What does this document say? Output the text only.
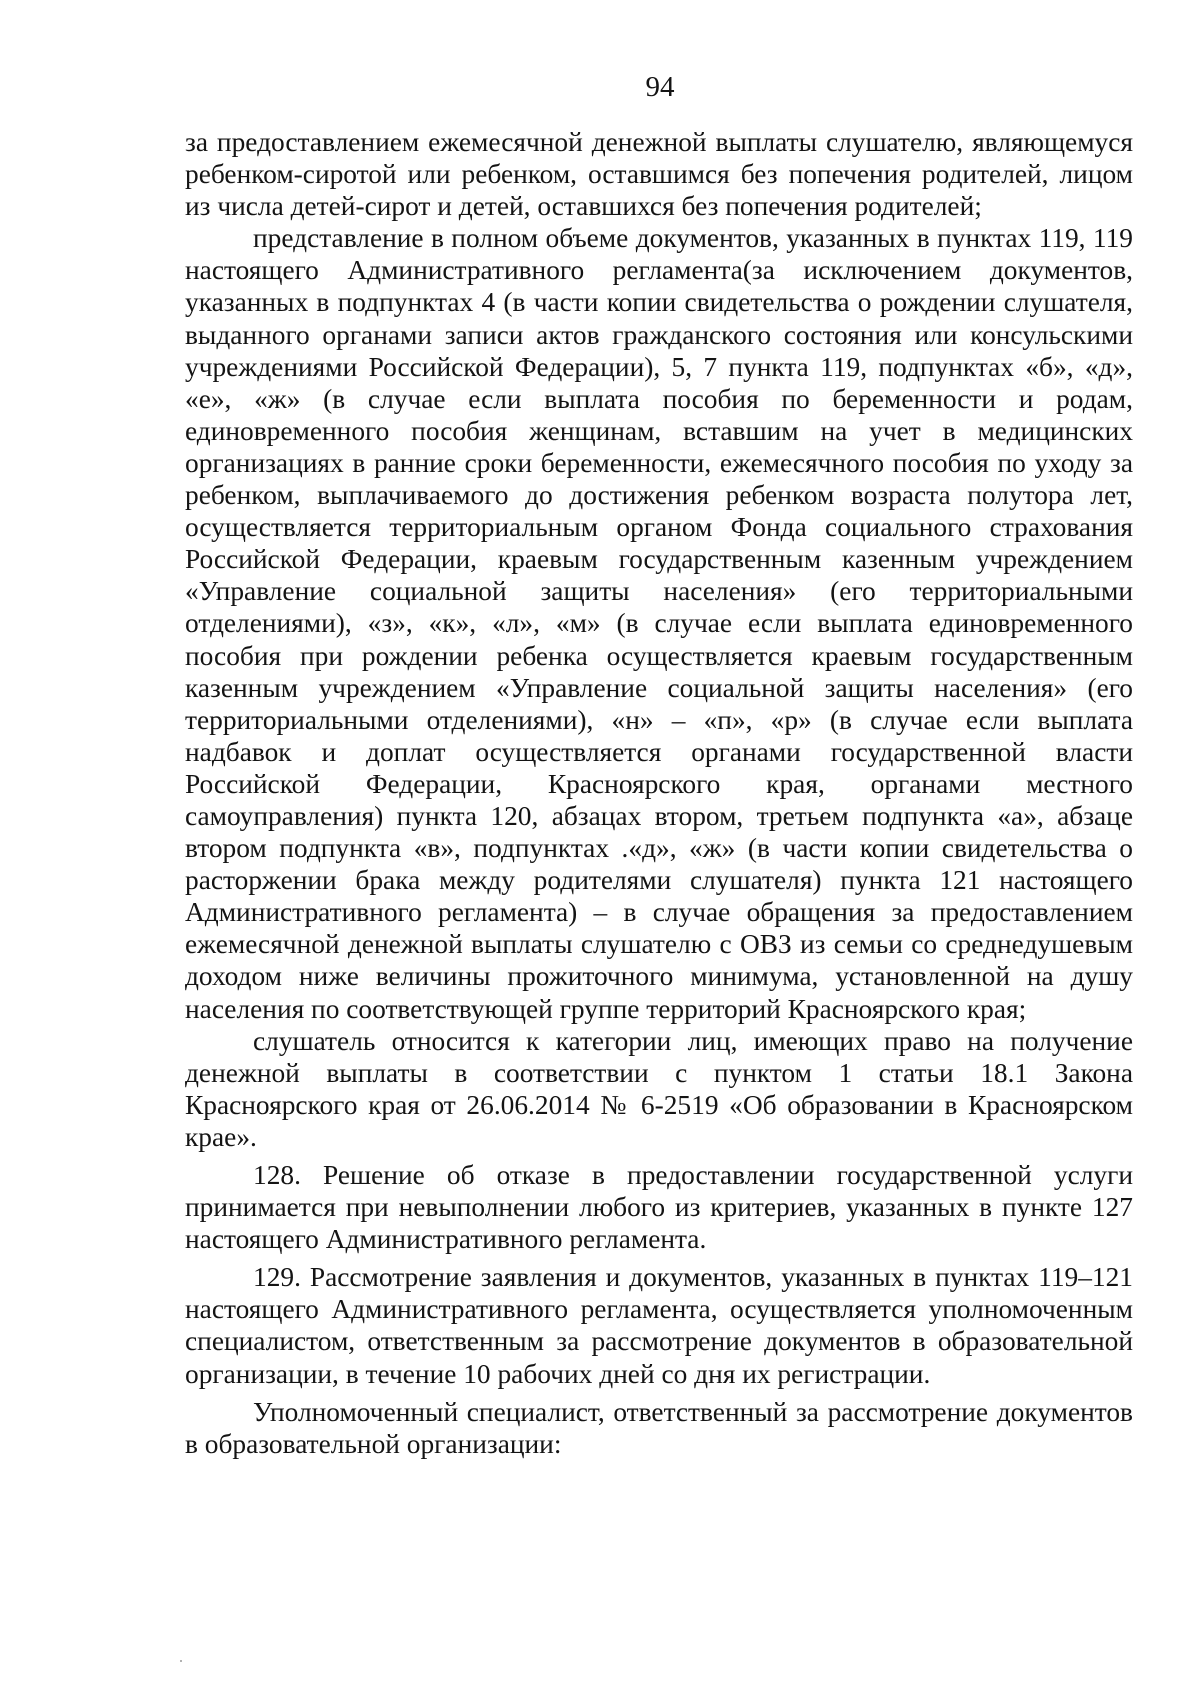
94

за предоставлением ежемесячной денежной выплаты слушателю, являющемуся ребенком-сиротой или ребенком, оставшимся без попечения родителей, лицом из числа детей-сирот и детей, оставшихся без попечения родителей;

представление в полном объеме документов, указанных в пунктах 119, 119 настоящего Административного регламента(за исключением документов, указанных в подпунктах 4 (в части копии свидетельства о рождении слушателя, выданного органами записи актов гражданского состояния или консульскими учреждениями Российской Федерации), 5, 7 пункта 119, подпунктах «б», «д», «е», «ж» (в случае если выплата пособия по беременности и родам, единовременного пособия женщинам, вставшим на учет в медицинских организациях в ранние сроки беременности, ежемесячного пособия по уходу за ребенком, выплачиваемого до достижения ребенком возраста полутора лет, осуществляется территориальным органом Фонда социального страхования Российской Федерации, краевым государственным казенным учреждением «Управление социальной защиты населения» (его территориальными отделениями), «з», «к», «л», «м» (в случае если выплата единовременного пособия при рождении ребенка осуществляется краевым государственным казенным учреждением «Управление социальной защиты населения» (его территориальными отделениями), «н» – «п», «р» (в случае если выплата надбавок и доплат осуществляется органами государственной власти Российской Федерации, Красноярского края, органами местного самоуправления) пункта 120, абзацах втором, третьем подпункта «а», абзаце втором подпункта «в», подпунктах .«д», «ж» (в части копии свидетельства о расторжении брака между родителями слушателя) пункта 121 настоящего Административного регламента) – в случае обращения за предоставлением ежемесячной денежной выплаты слушателю с ОВЗ из семьи со среднедушевым доходом ниже величины прожиточного минимума, установленной на душу населения по соответствующей группе территорий Красноярского края;

слушатель относится к категории лиц, имеющих право на получение денежной выплаты в соответствии с пунктом 1 статьи 18.1 Закона Красноярского края от 26.06.2014 № 6-2519 «Об образовании в Красноярском крае».

128. Решение об отказе в предоставлении государственной услуги принимается при невыполнении любого из критериев, указанных в пункте 127 настоящего Административного регламента.

129. Рассмотрение заявления и документов, указанных в пунктах 119–121 настоящего Административного регламента, осуществляется уполномоченным специалистом, ответственным за рассмотрение документов в образовательной организации, в течение 10 рабочих дней со дня их регистрации.

Уполномоченный специалист, ответственный за рассмотрение документов в образовательной организации:
